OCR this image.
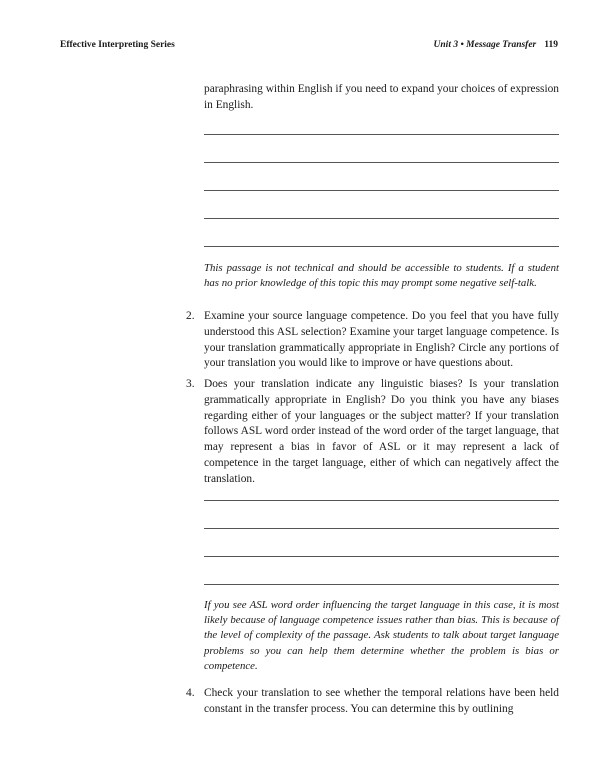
Effective Interpreting Series	Unit 3 • Message Transfer 119
paraphrasing within English if you need to expand your choices of expression in English.
This passage is not technical and should be accessible to students. If a student has no prior knowledge of this topic this may prompt some negative self-talk.
2. Examine your source language competence. Do you feel that you have fully understood this ASL selection? Examine your target language competence. Is your translation grammatically appropriate in English? Circle any portions of your translation you would like to improve or have questions about.
3. Does your translation indicate any linguistic biases? Is your translation grammatically appropriate in English? Do you think you have any biases regarding either of your languages or the subject matter? If your translation follows ASL word order instead of the word order of the target language, that may represent a bias in favor of ASL or it may represent a lack of competence in the target language, either of which can negatively affect the translation.
If you see ASL word order influencing the target language in this case, it is most likely because of language competence issues rather than bias. This is because of the level of complexity of the passage. Ask students to talk about target language problems so you can help them determine whether the problem is bias or competence.
4. Check your translation to see whether the temporal relations have been held constant in the transfer process. You can determine this by outlining
